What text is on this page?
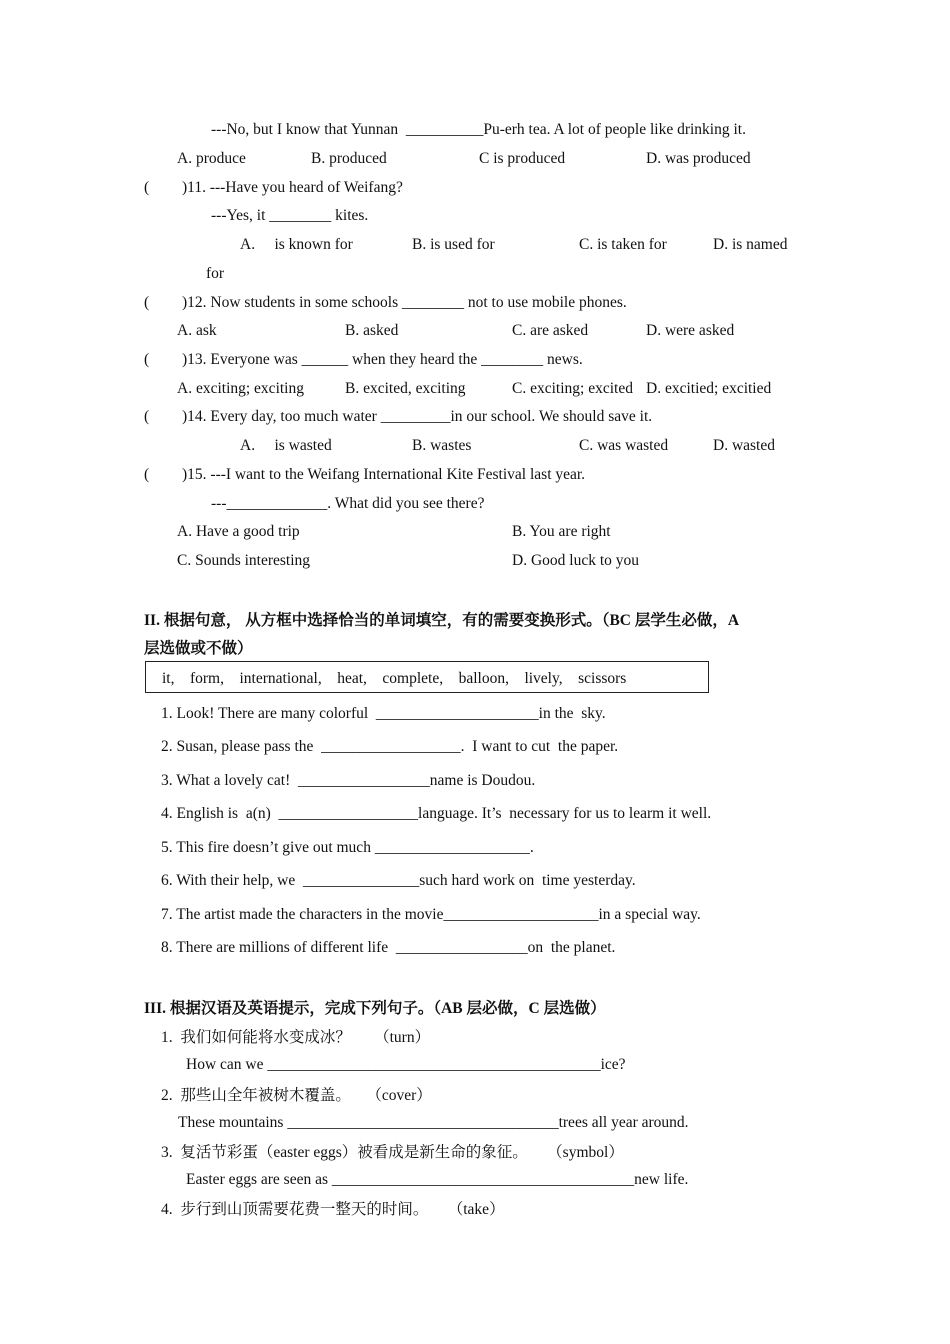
---No, but I know that Yunnan  __________Pu-erh tea. A lot of people like drinking it.
A. produce	B. produced	C is produced	D. was produced
( )11. ---Have you heard of Weifang?
---Yes, it ________ kites.
A.     is known for	B. is used for	C. is taken for	D. is named
for
( )12. Now students in some schools ________ not to use mobile phones.
A. ask	B. asked	C. are asked	D. were asked
( )13. Everyone was ______ when they heard the ________ news.
A. exciting; exciting	B. excited, exciting	C. exciting; excited D. excitied; excitied
( )14. Every day, too much water _________in our school. We should save it.
A.     is wasted	B. wastes	C. was wasted	D. wasted
( )15. ---I want to the Weifang International Kite Festival last year.
---_____________. What did you see there?
A. Have a good trip	B. You are right
C. Sounds interesting	D. Good luck to you
II. 根据句意， 从方框中选择恰当的单词填空，有的需要变换形式。（BC 层学生必做，A
层选做或不做）
it,    form,    international,    heat,    complete,    balloon,    lively,    scissors
1. Look! There are many colorful  _____________________in the  sky.
2. Susan, please pass the  __________________.  I want to cut  the paper.
3. What a lovely cat!  _________________name is Doudou.
4. English is  a(n)  __________________language. It’s  necessary for us to learm it well.
5. This fire doesn’t give out much ____________________.
6. With their help, we  _______________such hard work on  time yesterday.
7. The artist made the characters in the movie____________________in a special way.
8. There are millions of different life  _________________on  the planet.
III. 根据汉语及英语提示，完成下列句子。（AB 层必做，C 层选做）
1.  我们如何能将水变成冰？      （turn）
How can we ___________________________________________ice?
2.  那些山全年被树木覆盖。    （cover）
These mountains ___________________________________trees all year around.
3.  复活节彩蛋（easter eggs）被看成是新生命的象征。     （symbol）
Easter eggs are seen as _______________________________________new life.
4.  步行到山顶需要花费一整天的时间。     （take）
